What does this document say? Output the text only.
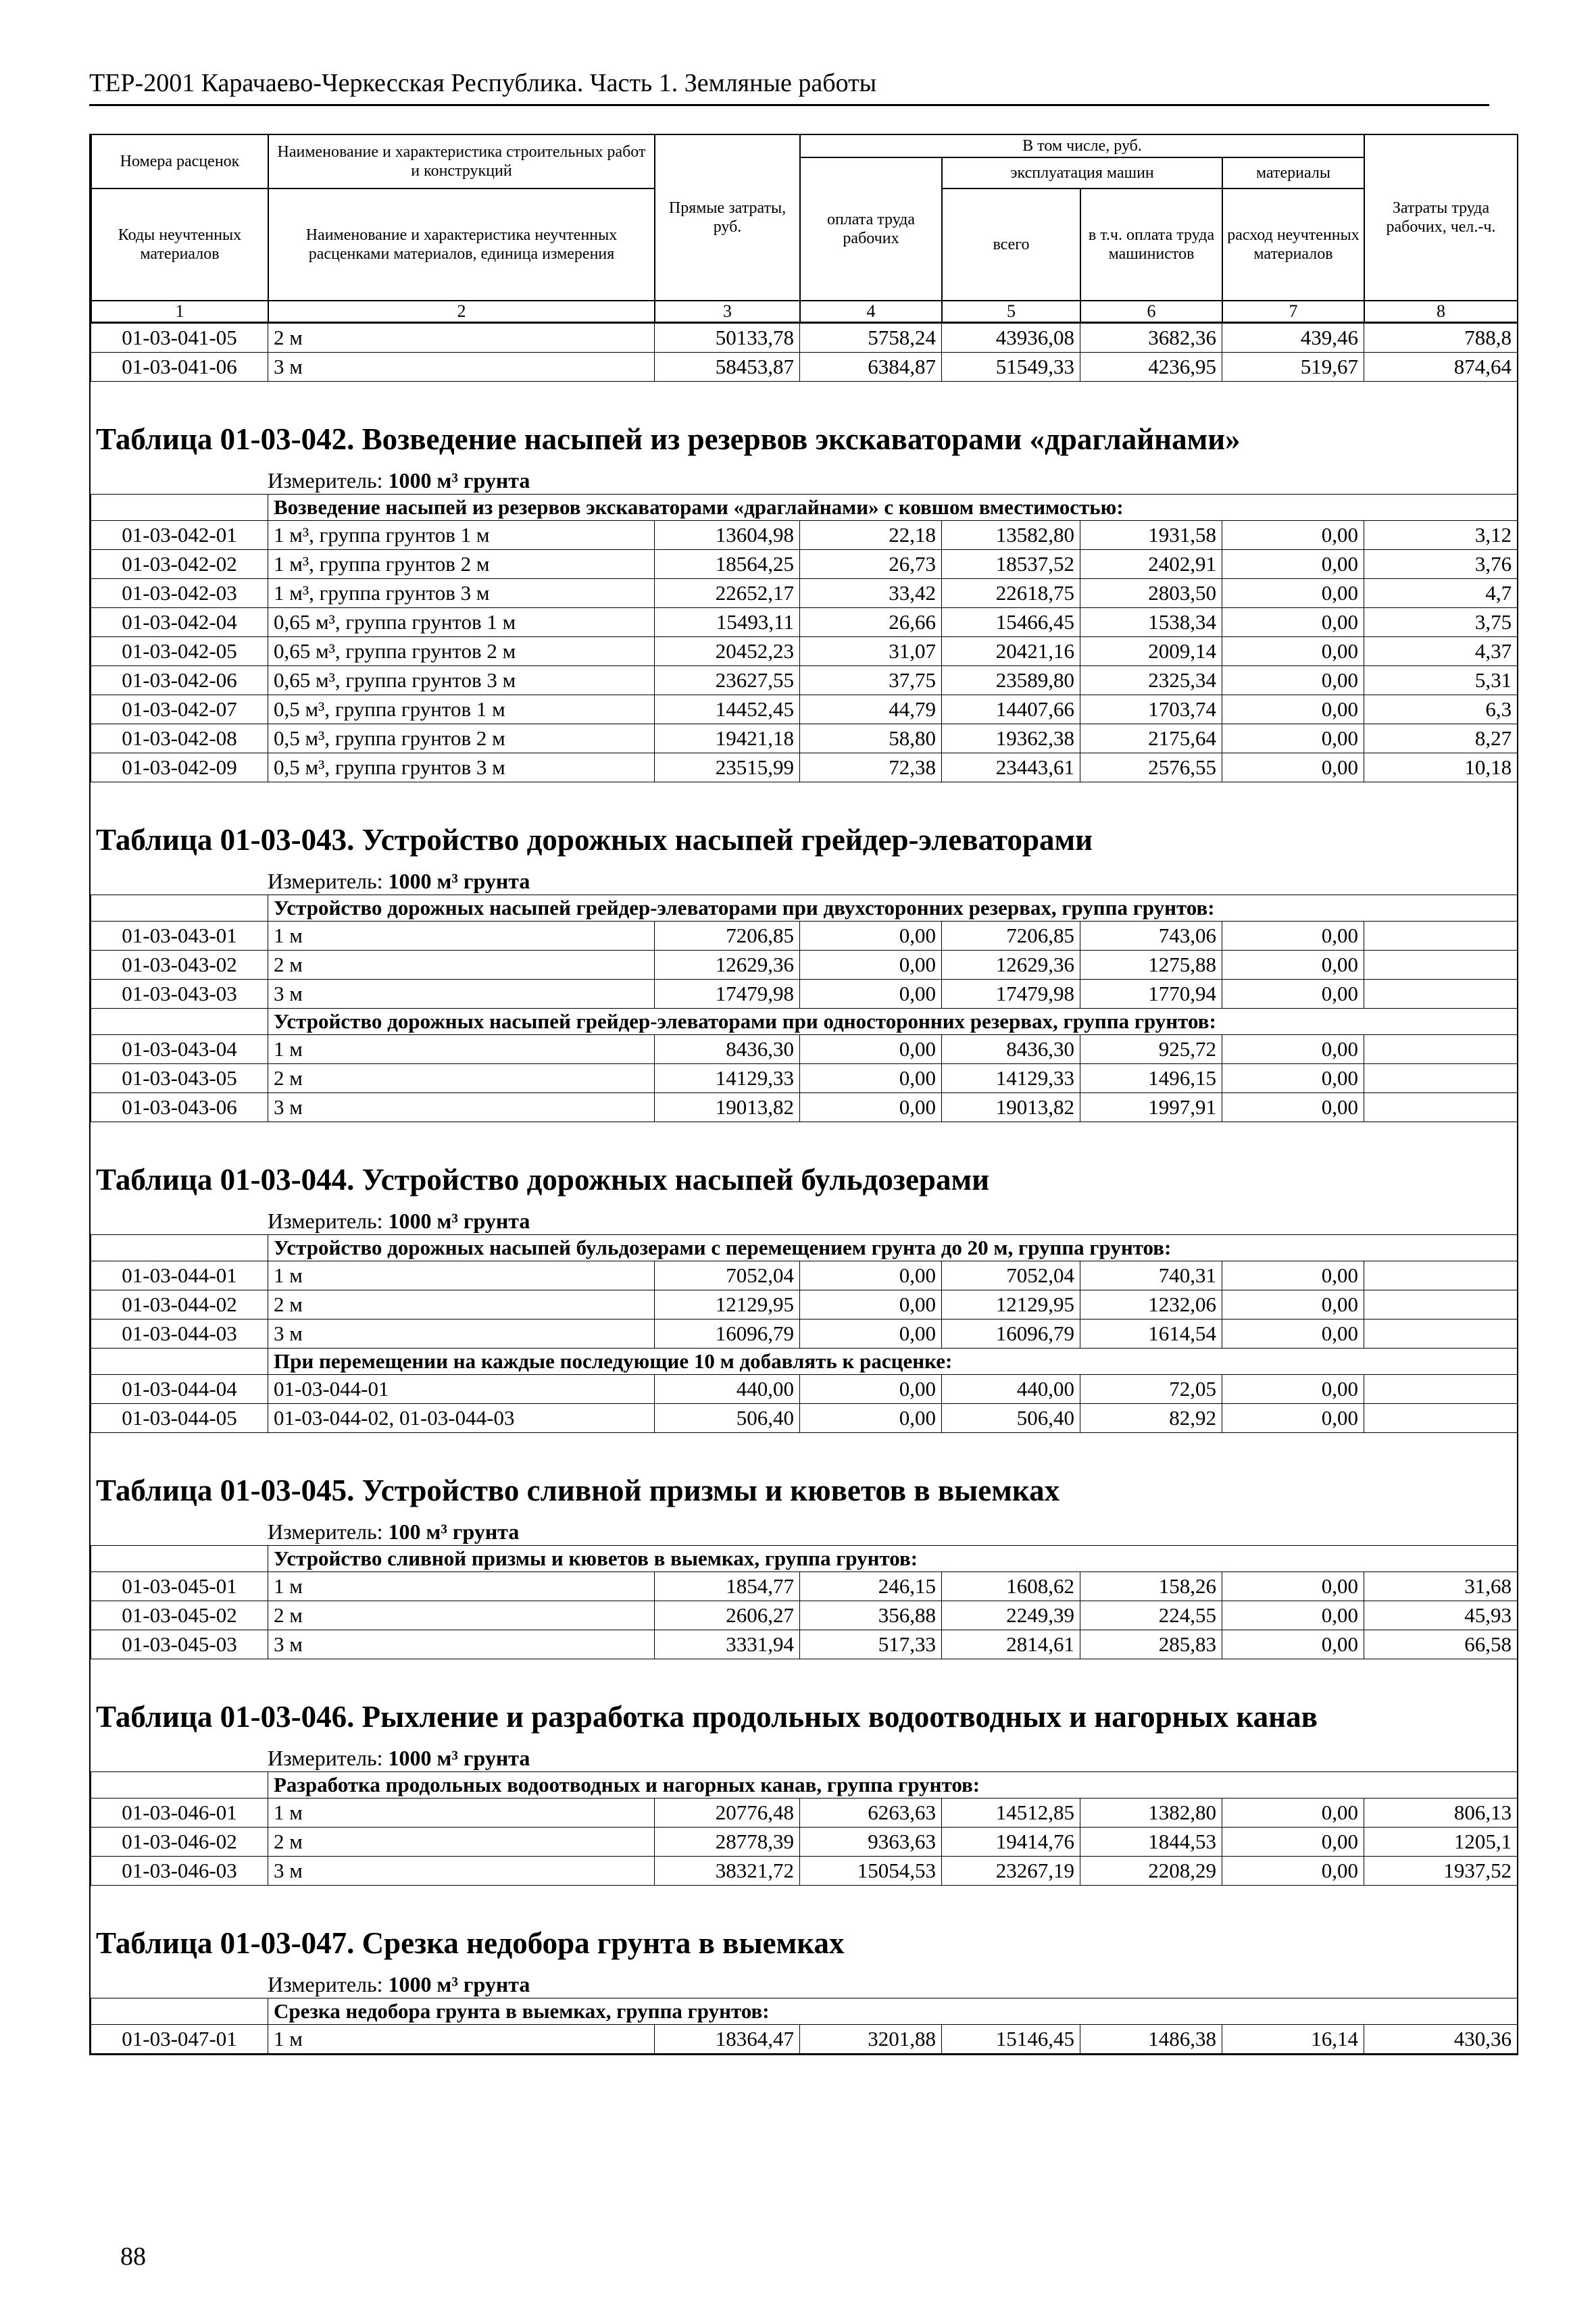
ТЕР-2001 Карачаево-Черкесская Республика. Часть 1. Земляные работы
Номера расценок	Наименование и характеристика строительных работ и конструкций	Прямые затраты, руб.	В том числе, руб.				Затраты труда рабочих, чел.-ч.
			оплата труда рабочих	эксплуатация машин		материалы	
Коды неучтенных материалов	Наименование и характеристика неучтенных расценками материалов, единица измерения			всего	в т.ч. оплата труда машинистов	расход неучтенных материалов	

1	2	3	4	5	6	7	8
01-03-041-05	2 м	50133,78	5758,24	43936,08	3682,36	439,46	788,8
01-03-041-06	3 м	58453,87	6384,87	51549,33	4236,95	519,67	874,64
Таблица 01-03-042. Возведение насыпей из резервов экскаваторами «драглайнами»
Измеритель: 1000 м³ грунта
	Возведение насыпей из резервов экскаваторами «драглайнами» с ковшом вместимостью:						
01-03-042-01	1 м³, группа грунтов 1 м	13604,98	22,18	13582,80	1931,58	0,00	3,12
01-03-042-02	1 м³, группа грунтов 2 м	18564,25	26,73	18537,52	2402,91	0,00	3,76
01-03-042-03	1 м³, группа грунтов 3 м	22652,17	33,42	22618,75	2803,50	0,00	4,7
01-03-042-04	0,65 м³, группа грунтов 1 м	15493,11	26,66	15466,45	1538,34	0,00	3,75
01-03-042-05	0,65 м³, группа грунтов 2 м	20452,23	31,07	20421,16	2009,14	0,00	4,37
01-03-042-06	0,65 м³, группа грунтов 3 м	23627,55	37,75	23589,80	2325,34	0,00	5,31
01-03-042-07	0,5 м³, группа грунтов 1 м	14452,45	44,79	14407,66	1703,74	0,00	6,3
01-03-042-08	0,5 м³, группа грунтов 2 м	19421,18	58,80	19362,38	2175,64	0,00	8,27
01-03-042-09	0,5 м³, группа грунтов 3 м	23515,99	72,38	23443,61	2576,55	0,00	10,18
Таблица 01-03-043. Устройство дорожных насыпей грейдер-элеваторами
Измеритель: 1000 м³ грунта
	Устройство дорожных насыпей грейдер-элеваторами при двухсторонних резервах, группа грунтов:						
01-03-043-01	1 м	7206,85	0,00	7206,85	743,06	0,00	
01-03-043-02	2 м	12629,36	0,00	12629,36	1275,88	0,00	
01-03-043-03	3 м	17479,98	0,00	17479,98	1770,94	0,00	
	Устройство дорожных насыпей грейдер-элеваторами при односторонних резервах, группа грунтов:						
01-03-043-04	1 м	8436,30	0,00	8436,30	925,72	0,00	
01-03-043-05	2 м	14129,33	0,00	14129,33	1496,15	0,00	
01-03-043-06	3 м	19013,82	0,00	19013,82	1997,91	0,00	
Таблица 01-03-044. Устройство дорожных насыпей бульдозерами
Измеритель: 1000 м³ грунта
	Устройство дорожных насыпей бульдозерами с перемещением грунта до 20 м, группа грунтов:						
01-03-044-01	1 м	7052,04	0,00	7052,04	740,31	0,00	
01-03-044-02	2 м	12129,95	0,00	12129,95	1232,06	0,00	
01-03-044-03	3 м	16096,79	0,00	16096,79	1614,54	0,00	
	При перемещении на каждые последующие 10 м добавлять к расценке:						
01-03-044-04	01-03-044-01	440,00	0,00	440,00	72,05	0,00	
01-03-044-05	01-03-044-02, 01-03-044-03	506,40	0,00	506,40	82,92	0,00	
Таблица 01-03-045. Устройство сливной призмы и кюветов в выемках
Измеритель: 100 м³ грунта
	Устройство сливной призмы и кюветов в выемках, группа грунтов:						
01-03-045-01	1 м	1854,77	246,15	1608,62	158,26	0,00	31,68
01-03-045-02	2 м	2606,27	356,88	2249,39	224,55	0,00	45,93
01-03-045-03	3 м	3331,94	517,33	2814,61	285,83	0,00	66,58
Таблица 01-03-046. Рыхление и разработка продольных водоотводных и нагорных канав
Измеритель: 1000 м³ грунта
	Разработка продольных водоотводных и нагорных канав, группа грунтов:						
01-03-046-01	1 м	20776,48	6263,63	14512,85	1382,80	0,00	806,13
01-03-046-02	2 м	28778,39	9363,63	19414,76	1844,53	0,00	1205,1
01-03-046-03	3 м	38321,72	15054,53	23267,19	2208,29	0,00	1937,52
Таблица 01-03-047. Срезка недобора грунта в выемках
Измеритель: 1000 м³ грунта
	Срезка недобора грунта в выемках, группа грунтов:						
01-03-047-01	1 м	18364,47	3201,88	15146,45	1486,38	16,14	430,36
88
